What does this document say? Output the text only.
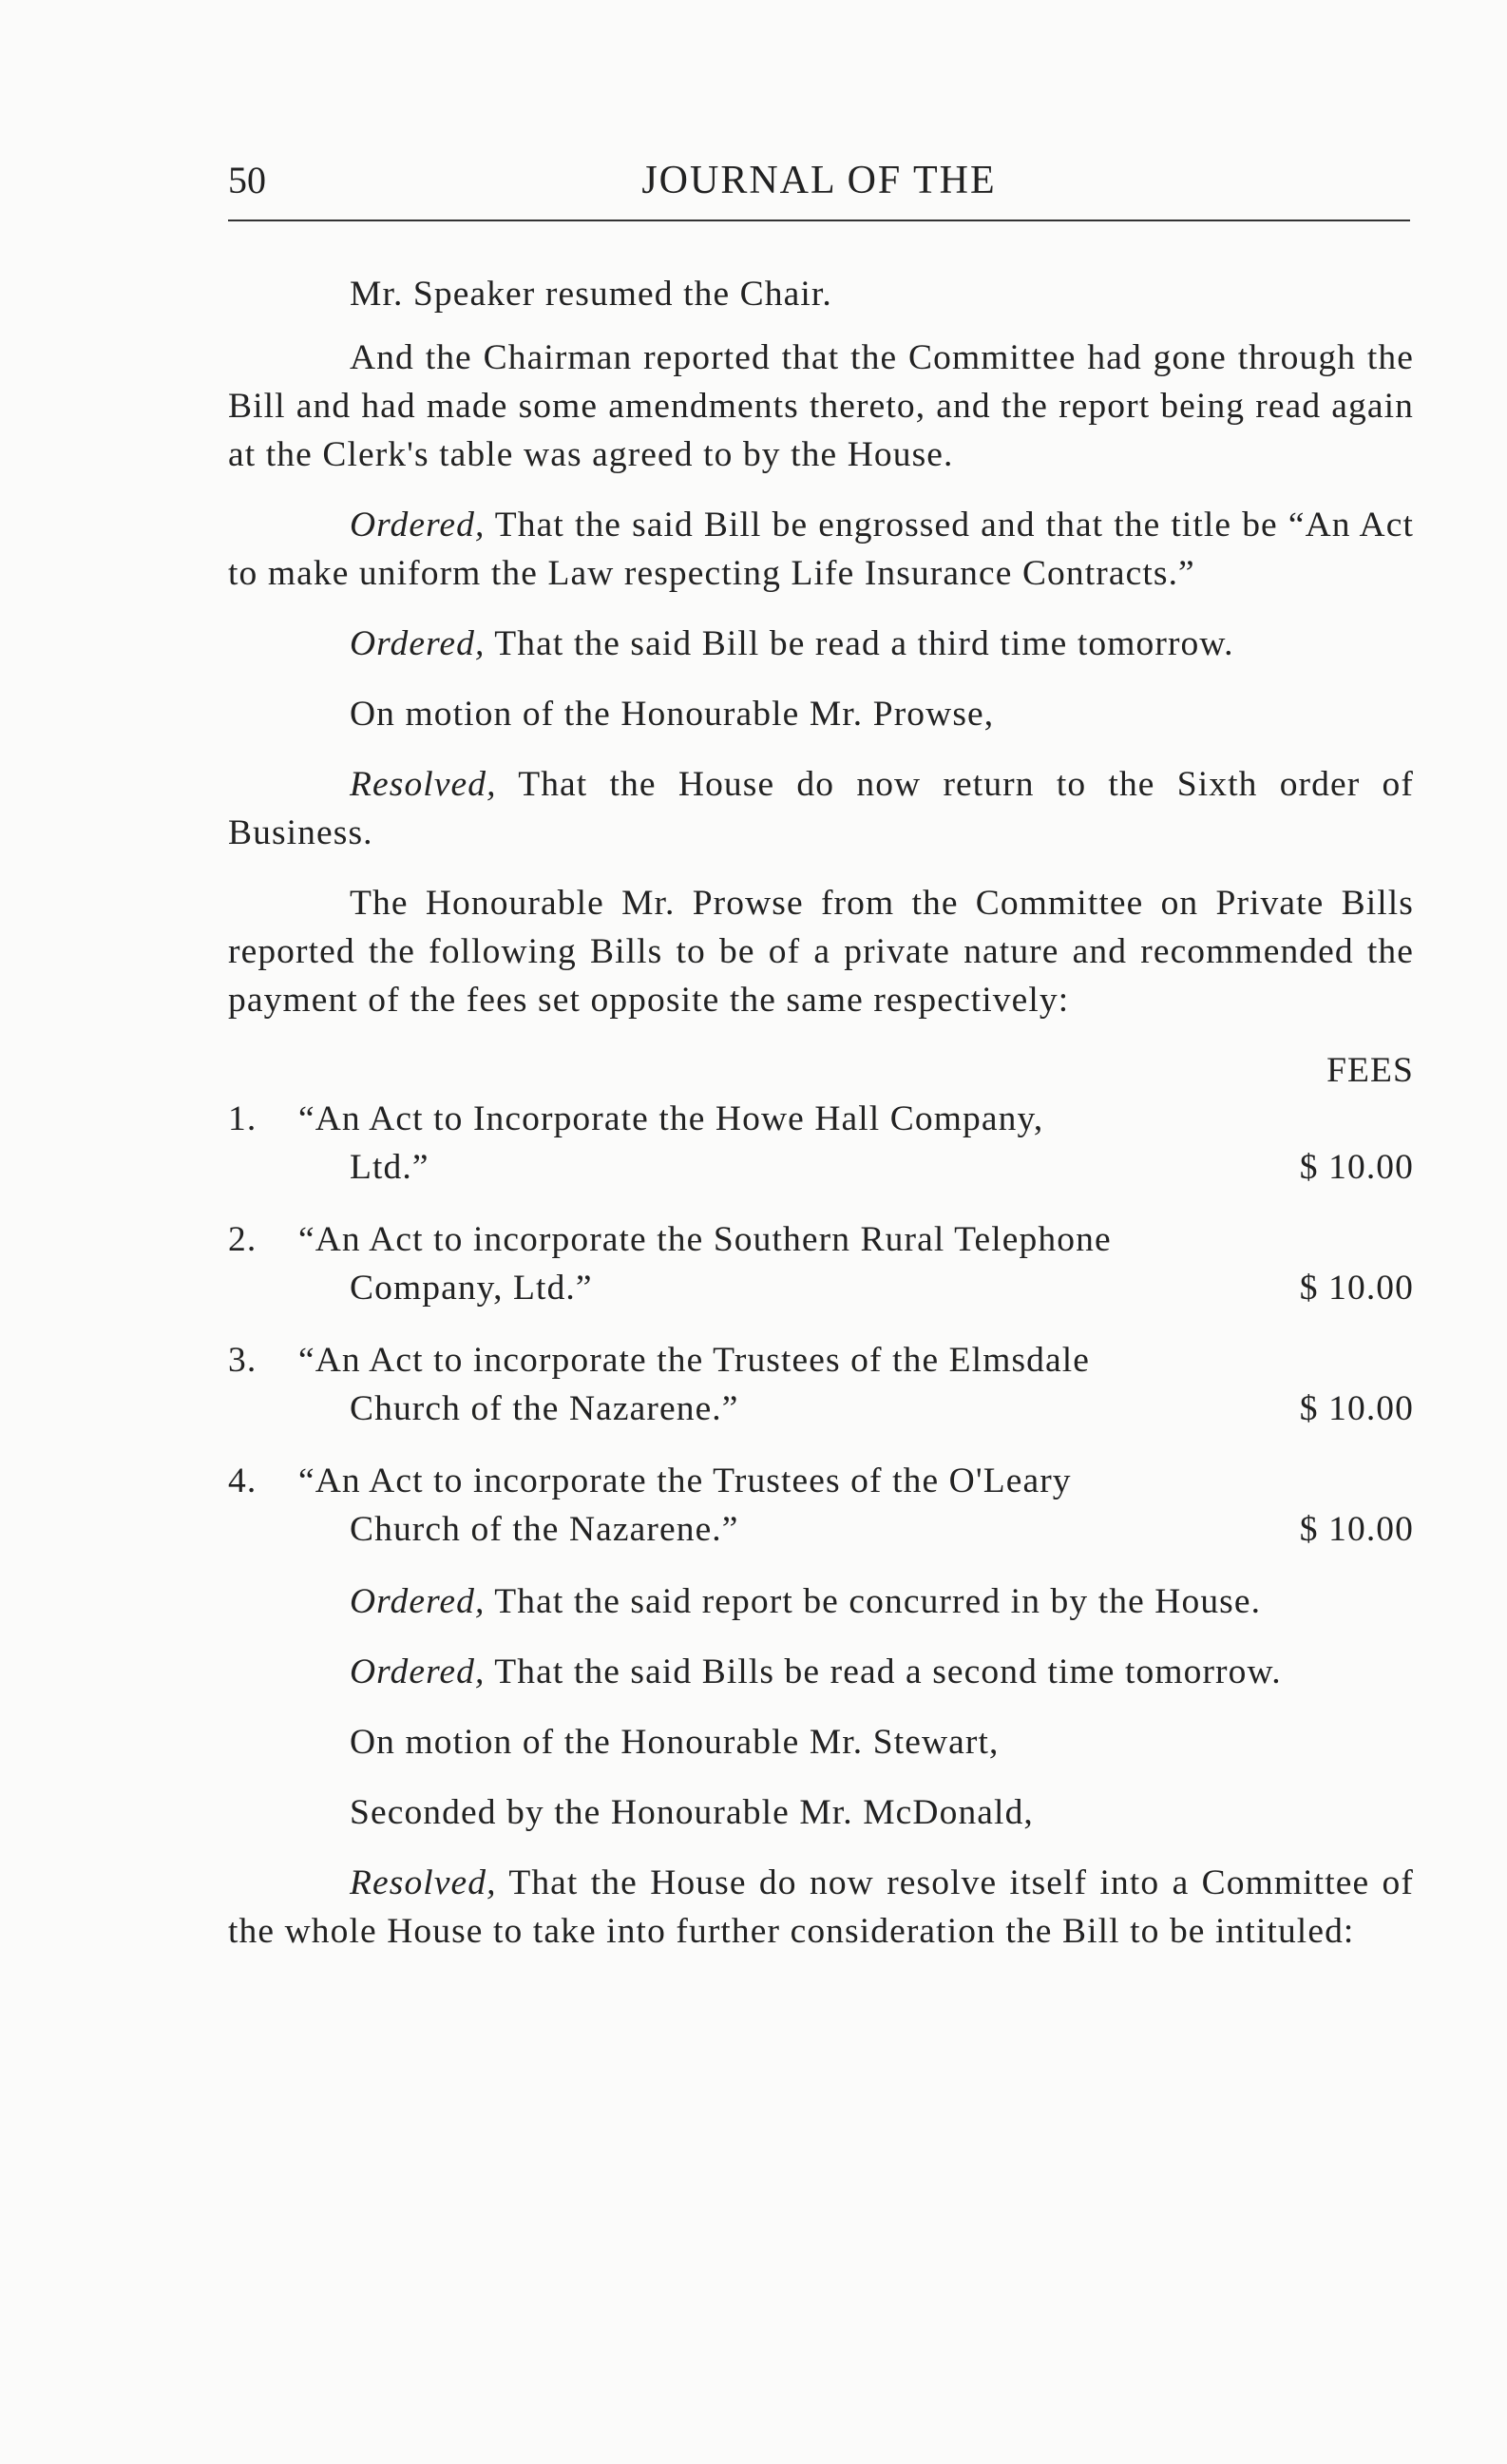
50	JOURNAL OF THE

Mr. Speaker resumed the Chair.

And the Chairman reported that the Committee had gone through the Bill and had made some amendments thereto, and the report being read again at the Clerk's table was agreed to by the House.

Ordered, That the said Bill be engrossed and that the title be “An Act to make uniform the Law respecting Life Insurance Contracts.”

Ordered, That the said Bill be read a third time tomorrow.

On motion of the Honourable Mr. Prowse,

Resolved, That the House do now return to the Sixth order of Business.

The Honourable Mr. Prowse from the Committee on Private Bills reported the following Bills to be of a private nature and recommended the payment of the fees set opposite the same respectively:

FEES
1.	“An Act to Incorporate the Howe Hall Company,
Ltd.”	$ 10.00
2.	“An Act to incorporate the Southern Rural Telephone
Company, Ltd.”	$ 10.00
3.	“An Act to incorporate the Trustees of the Elmsdale
Church of the Nazarene.”	$ 10.00
4.	“An Act to incorporate the Trustees of the O'Leary
Church of the Nazarene.”	$ 10.00

Ordered, That the said report be concurred in by the House.

Ordered, That the said Bills be read a second time tomorrow.

On motion of the Honourable Mr. Stewart,

Seconded by the Honourable Mr. McDonald,

Resolved, That the House do now resolve itself into a Committee of the whole House to take into further consideration the Bill to be intituled:
